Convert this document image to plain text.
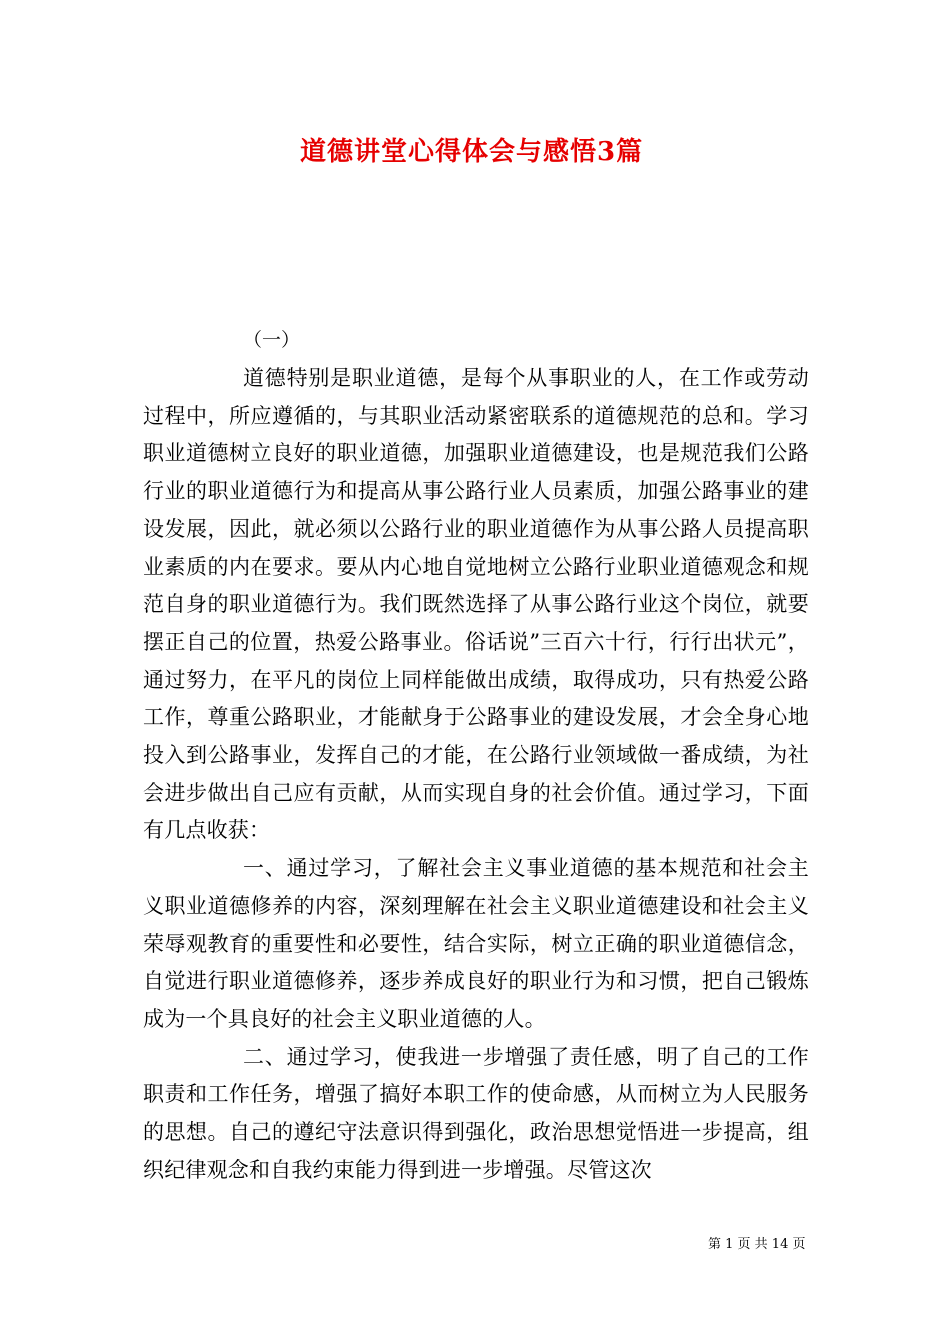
道德讲堂心得体会与感悟3篇
（一）

道德特别是职业道德，是每个从事职业的人，在工作或劳动过程中，所应遵循的，与其职业活动紧密联系的道德规范的总和。学习职业道德树立良好的职业道德，加强职业道德建设，也是规范我们公路行业的职业道德行为和提高从事公路行业人员素质，加强公路事业的建设发展，因此，就必须以公路行业的职业道德作为从事公路人员提高职业素质的内在要求。要从内心地自觉地树立公路行业职业道德观念和规范自身的职业道德行为。我们既然选择了从事公路行业这个岗位，就要摆正自己的位置，热爱公路事业。俗话说”三百六十行，行行出状元”，通过努力，在平凡的岗位上同样能做出成绩，取得成功，只有热爱公路工作，尊重公路职业，才能献身于公路事业的建设发展，才会全身心地投入到公路事业，发挥自己的才能，在公路行业领域做一番成绩，为社会进步做出自己应有贡献，从而实现自身的社会价值。通过学习，下面有几点收获：

一、通过学习，了解社会主义事业道德的基本规范和社会主义职业道德修养的内容，深刻理解在社会主义职业道德建设和社会主义荣辱观教育的重要性和必要性，结合实际，树立正确的职业道德信念，自觉进行职业道德修养，逐步养成良好的职业行为和习惯，把自己锻炼成为一个具良好的社会主义职业道德的人。

二、通过学习，使我进一步增强了责任感，明了自己的工作职责和工作任务，增强了搞好本职工作的使命感，从而树立为人民服务的思想。自己的遵纪守法意识得到强化，政治思想觉悟进一步提高，组织纪律观念和自我约束能力得到进一步增强。尽管这次

第 1 页 共 14 页
